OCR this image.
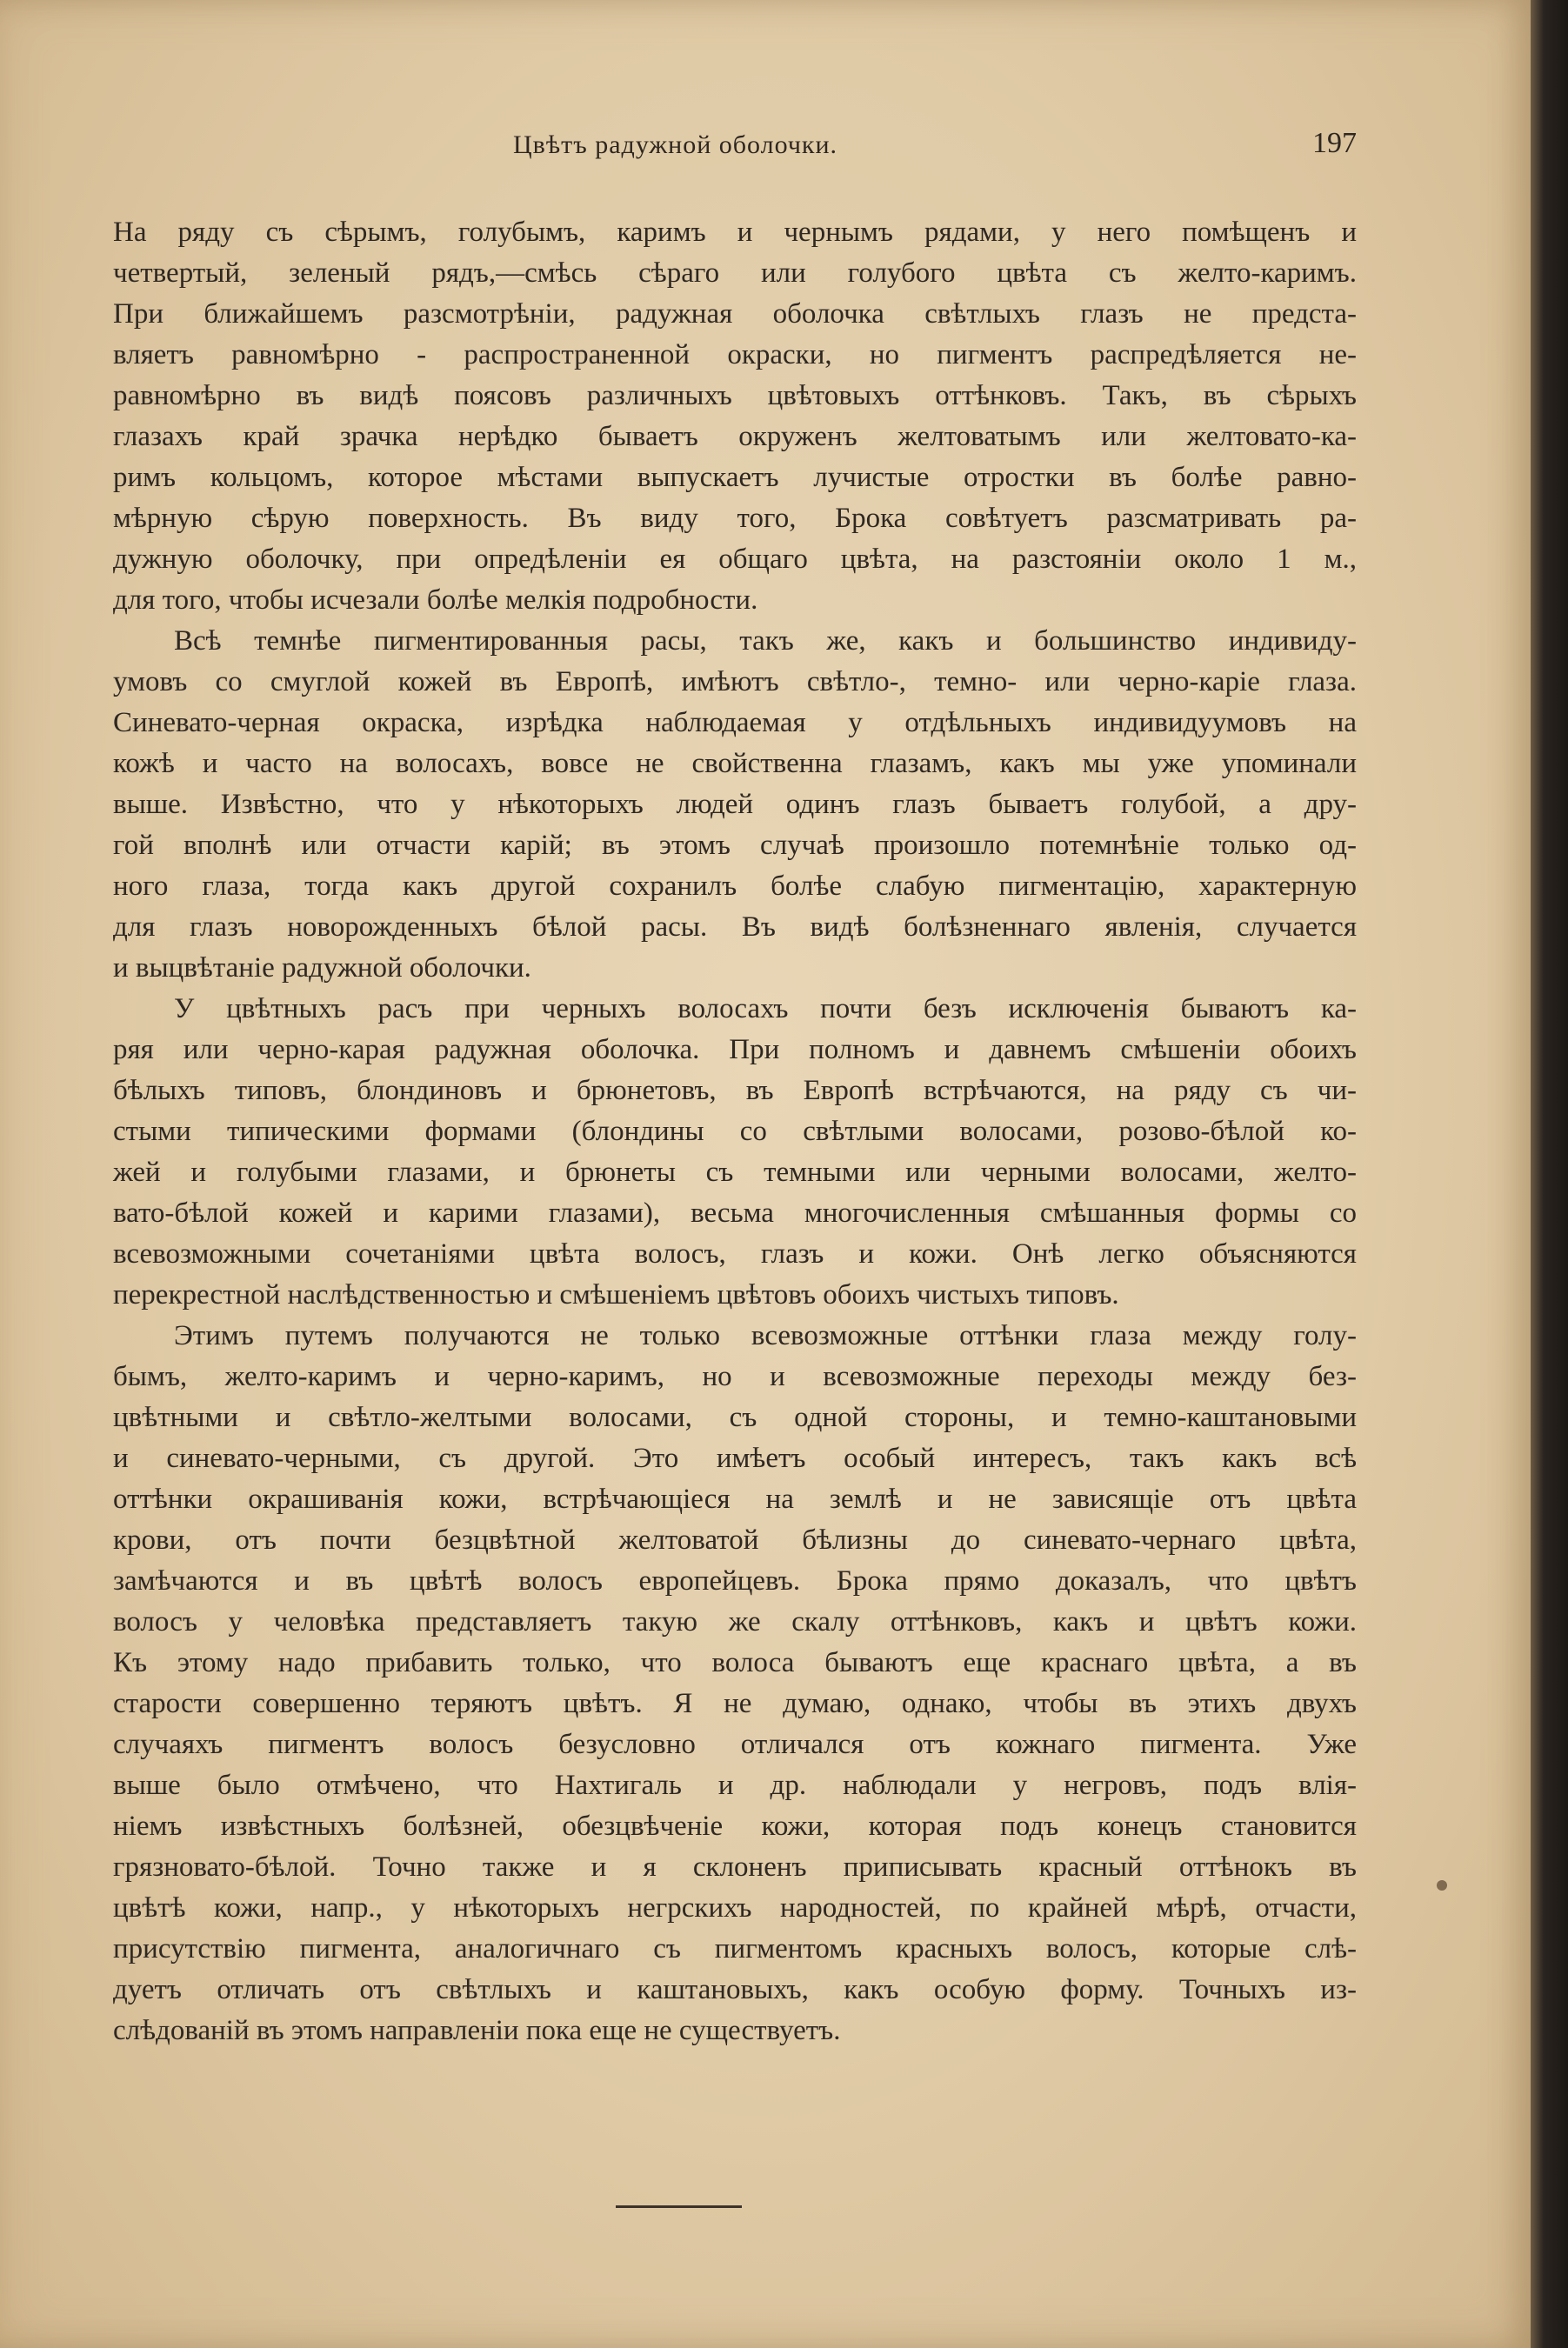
Цвѣтъ радужной оболочки.	197
На ряду съ сѣрымъ, голубымъ, каримъ и чернымъ рядами, у него помѣщенъ и
четвертый, зеленый рядъ,—смѣсь сѣраго или голубого цвѣта съ желто-каримъ.
При ближайшемъ разсмотрѣніи, радужная оболочка свѣтлыхъ глазъ не предста-
вляетъ равномѣрно - распространенной окраски, но пигментъ распредѣляется не-
равномѣрно въ видѣ поясовъ различныхъ цвѣтовыхъ оттѣнковъ. Такъ, въ сѣрыхъ
глазахъ край зрачка нерѣдко бываетъ окруженъ желтоватымъ или желтовато-ка-
римъ кольцомъ, которое мѣстами выпускаетъ лучистые отростки въ болѣе равно-
мѣрную сѣрую поверхность. Въ виду того, Брока совѣтуетъ разсматривать ра-
дужную оболочку, при опредѣленіи ея общаго цвѣта, на разстояніи около 1 м.,
для того, чтобы исчезали болѣе мелкія подробности.
Всѣ темнѣе пигментированныя расы, такъ же, какъ и большинство индивиду-
умовъ со смуглой кожей въ Европѣ, имѣютъ свѣтло-, темно- или черно-каріе глаза.
Синевато-черная окраска, изрѣдка наблюдаемая у отдѣльныхъ индивидуумовъ на
кожѣ и часто на волосахъ, вовсе не свойственна глазамъ, какъ мы уже упоминали
выше. Извѣстно, что у нѣкоторыхъ людей одинъ глазъ бываетъ голубой, а дру-
гой вполнѣ или отчасти карій; въ этомъ случаѣ произошло потемнѣніе только од-
ного глаза, тогда какъ другой сохранилъ болѣе слабую пигментацію, характерную
для глазъ новорожденныхъ бѣлой расы. Въ видѣ болѣзненнаго явленія, случается
и выцвѣтаніе радужной оболочки.
У цвѣтныхъ расъ при черныхъ волосахъ почти безъ исключенія бываютъ ка-
ряя или черно-карая радужная оболочка. При полномъ и давнемъ смѣшеніи обоихъ
бѣлыхъ типовъ, блондиновъ и брюнетовъ, въ Европѣ встрѣчаются, на ряду съ чи-
стыми типическими формами (блондины со свѣтлыми волосами, розово-бѣлой ко-
жей и голубыми глазами, и брюнеты съ темными или черными волосами, желто-
вато-бѣлой кожей и карими глазами), весьма многочисленныя смѣшанныя формы со
всевозможными сочетаніями цвѣта волосъ, глазъ и кожи. Онѣ легко объясняются
перекрестной наслѣдственностью и смѣшеніемъ цвѣтовъ обоихъ чистыхъ типовъ.
Этимъ путемъ получаются не только всевозможные оттѣнки глаза между голу-
бымъ, желто-каримъ и черно-каримъ, но и всевозможные переходы между без-
цвѣтными и свѣтло-желтыми волосами, съ одной стороны, и темно-каштановыми
и синевато-черными, съ другой. Это имѣетъ особый интересъ, такъ какъ всѣ
оттѣнки окрашиванія кожи, встрѣчающіеся на землѣ и не зависящіе отъ цвѣта
крови, отъ почти безцвѣтной желтоватой бѣлизны до синевато-чернаго цвѣта,
замѣчаются и въ цвѣтѣ волосъ европейцевъ. Брока прямо доказалъ, что цвѣтъ
волосъ у человѣка представляетъ такую же скалу оттѣнковъ, какъ и цвѣтъ кожи.
Къ этому надо прибавить только, что волоса бываютъ еще краснаго цвѣта, а въ
старости совершенно теряютъ цвѣтъ. Я не думаю, однако, чтобы въ этихъ двухъ
случаяхъ пигментъ волосъ безусловно отличался отъ кожнаго пигмента. Уже
выше было отмѣчено, что Нахтигаль и др. наблюдали у негровъ, подъ влія-
ніемъ извѣстныхъ болѣзней, обезцвѣченіе кожи, которая подъ конецъ становится
грязновато-бѣлой. Точно также и я склоненъ приписывать красный оттѣнокъ въ
цвѣтѣ кожи, напр., у нѣкоторыхъ негрскихъ народностей, по крайней мѣрѣ, отчасти,
присутствію пигмента, аналогичнаго съ пигментомъ красныхъ волосъ, которые слѣ-
дуетъ отличать отъ свѣтлыхъ и каштановыхъ, какъ особую форму. Точныхъ из-
слѣдованій въ этомъ направленіи пока еще не существуетъ.
